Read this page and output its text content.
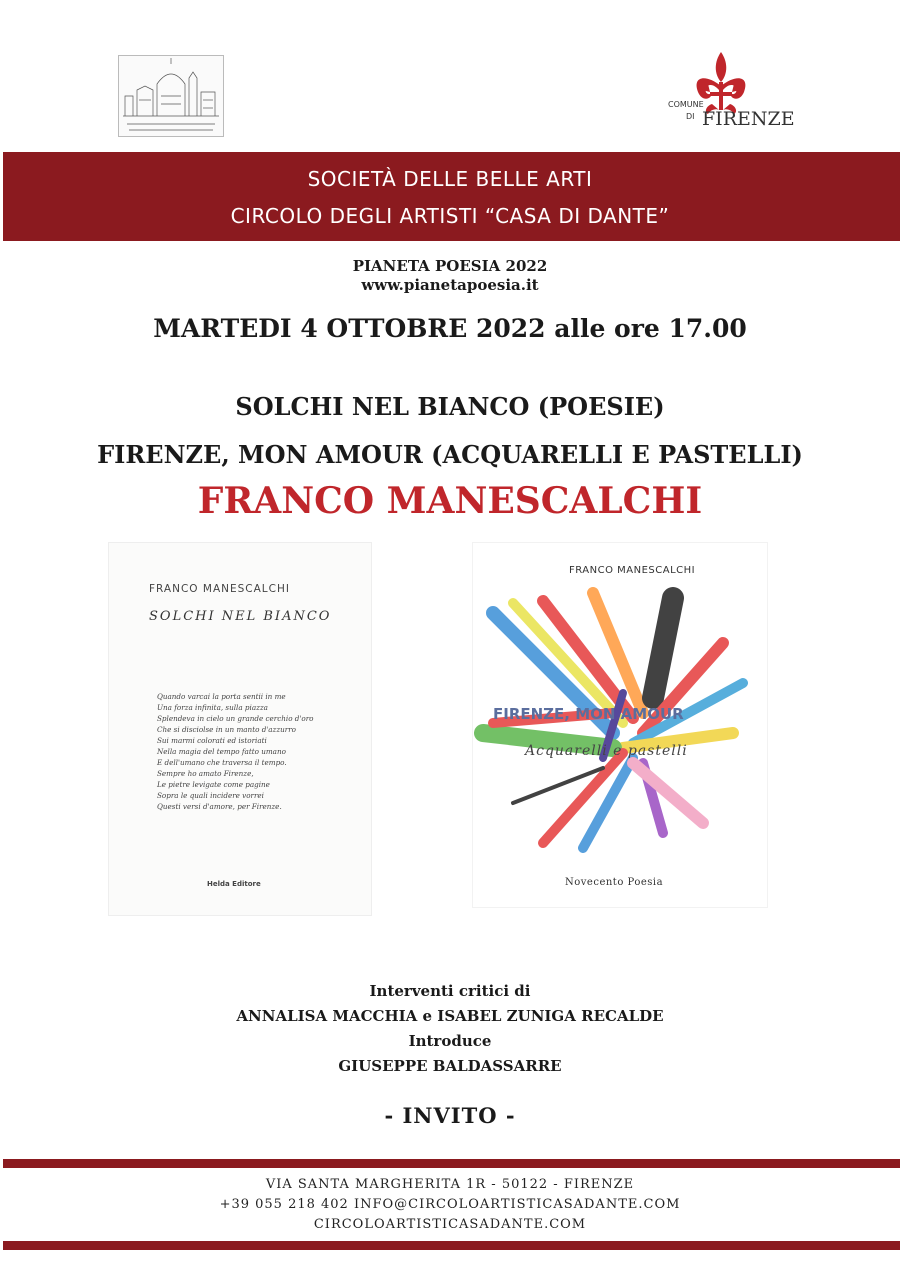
COMUNE
DI FIRENZE
SOCIETÀ DELLE BELLE ARTI
CIRCOLO DEGLI ARTISTI “CASA DI DANTE”
PIANETA POESIA 2022
www.pianetapoesia.it
MARTEDI 4 OTTOBRE 2022 alle ore 17.00
SOLCHI NEL BIANCO (POESIE)
FIRENZE, MON AMOUR (ACQUARELLI E PASTELLI)
FRANCO MANESCALCHI
FRANCO MANESCALCHI
SOLCHI NEL BIANCO
Quando varcai la porta sentii in me
Una forza infinita, sulla piazza
Splendeva in cielo un grande cerchio d'oro
Che si disciolse in un manto d'azzurro
Sui marmi colorati ed istoriati
Nella magia del tempo fatto umano
E dell'umano che traversa il tempo.
Sempre ho amato Firenze,
Le pietre levigate come pagine
Sopra le quali incidere vorrei
Questi versi d'amore, per Firenze.
Helda Editore
FRANCO MANESCALCHI
FIRENZE, MON AMOUR
Acquarelli e pastelli
Novecento Poesia
Interventi critici di
ANNALISA MACCHIA e ISABEL ZUNIGA RECALDE
Introduce
GIUSEPPE BALDASSARRE
- INVITO -
VIA SANTA MARGHERITA 1R - 50122 - FIRENZE
+39 055 218 402 INFO@CIRCOLOARTISTICASADANTE.COM
CIRCOLOARTISTICASADANTE.COM
